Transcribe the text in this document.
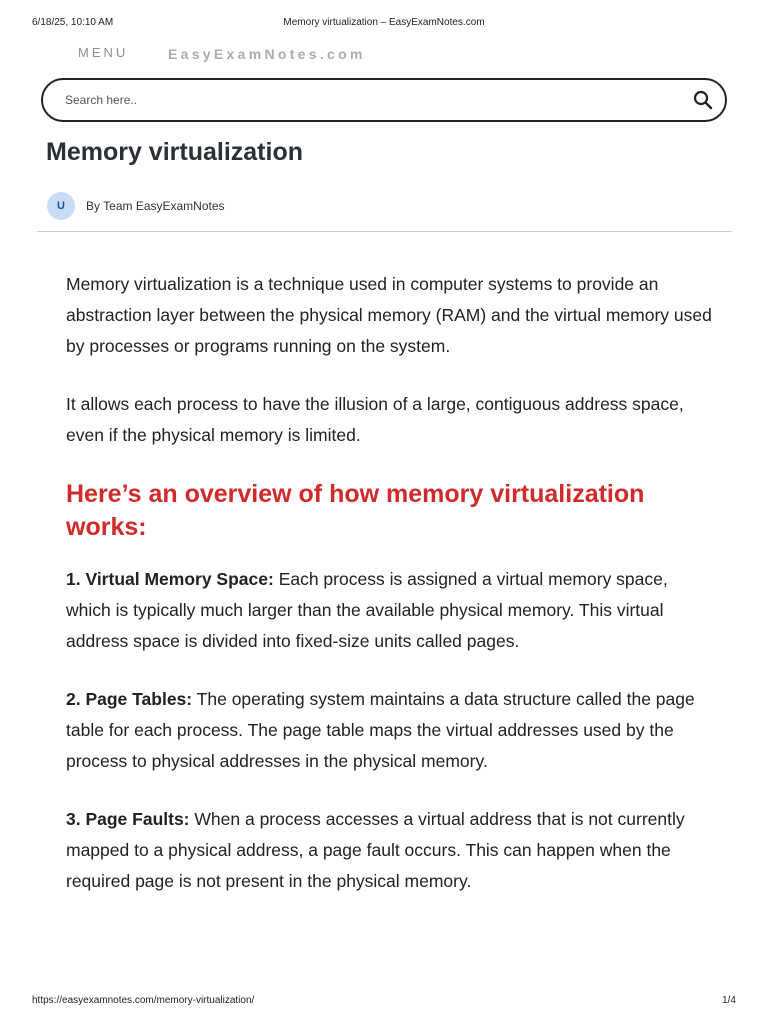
6/18/25, 10:10 AM	Memory virtualization – EasyExamNotes.com
MENU	EasyExamNotes.com
Search here..
Memory virtualization
U	By Team EasyExamNotes

Memory virtualization is a technique used in computer systems to provide an abstraction layer between the physical memory (RAM) and the virtual memory used by processes or programs running on the system.

It allows each process to have the illusion of a large, contiguous address space, even if the physical memory is limited.

Here’s an overview of how memory virtualization works:

1. Virtual Memory Space: Each process is assigned a virtual memory space, which is typically much larger than the available physical memory. This virtual address space is divided into fixed-size units called pages.

2. Page Tables: The operating system maintains a data structure called the page table for each process. The page table maps the virtual addresses used by the process to physical addresses in the physical memory.

3. Page Faults: When a process accesses a virtual address that is not currently mapped to a physical address, a page fault occurs. This can happen when the required page is not present in the physical memory.

https://easyexamnotes.com/memory-virtualization/	1/4
